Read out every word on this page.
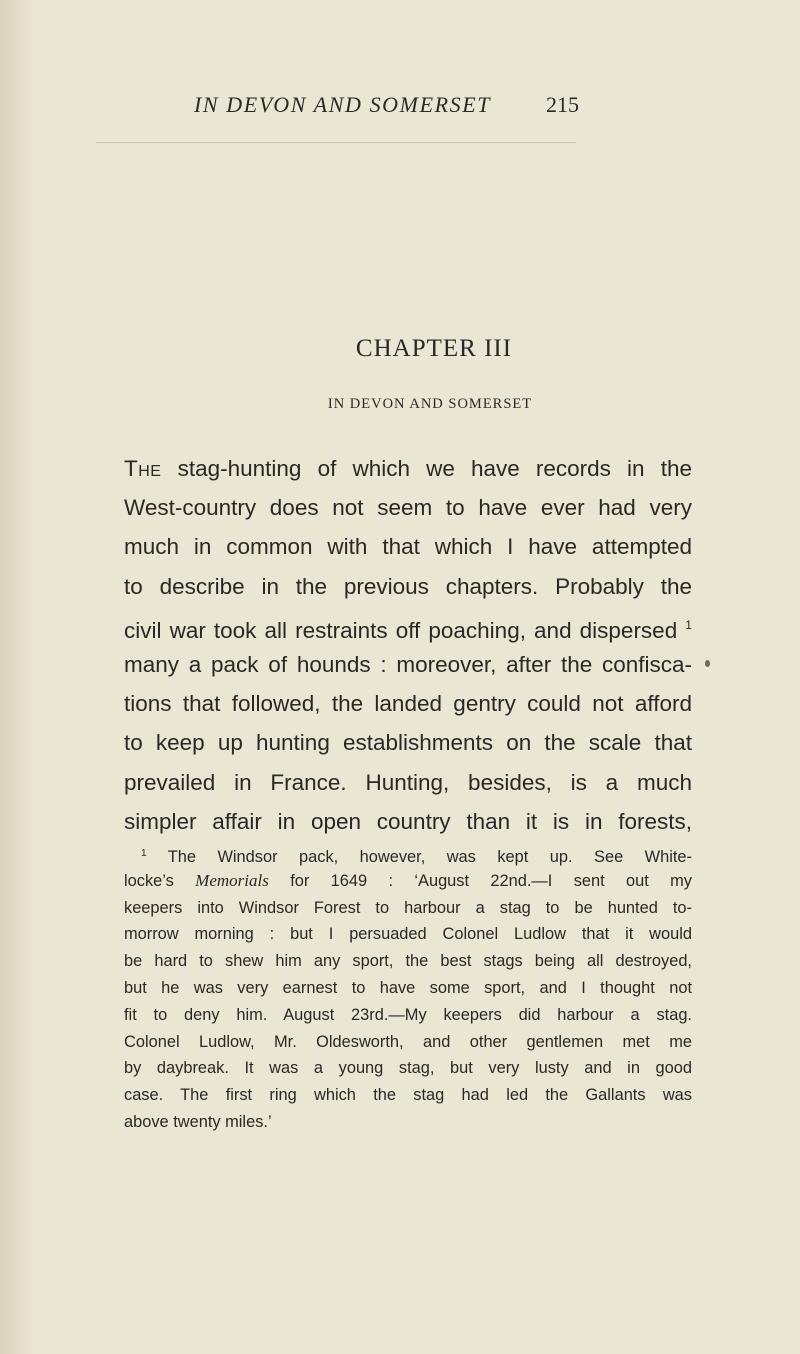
IN DEVON AND SOMERSET 215
CHAPTER III
IN DEVON AND SOMERSET
The stag-hunting of which we have records in the
West-country does not seem to have ever had very
much in common with that which I have attempted
to describe in the previous chapters. Probably the
civil war took all restraints off poaching, and dispersed $^1$
many a pack of hounds : moreover, after the confisca-
tions that followed, the landed gentry could not afford
to keep up hunting establishments on the scale that
prevailed in France. Hunting, besides, is a much
simpler affair in open country than it is in forests,
$^1$ The Windsor pack, however, was kept up. See White-
locke’s Memorials for 1649 : ‘August 22nd.—I sent out my
keepers into Windsor Forest to harbour a stag to be hunted to-
morrow morning : but I persuaded Colonel Ludlow that it would
be hard to shew him any sport, the best stags being all destroyed,
but he was very earnest to have some sport, and I thought not
fit to deny him. August 23rd.—My keepers did harbour a stag.
Colonel Ludlow, Mr. Oldesworth, and other gentlemen met me
by daybreak. It was a young stag, but very lusty and in good
case. The first ring which the stag had led the Gallants was
above twenty miles.’
